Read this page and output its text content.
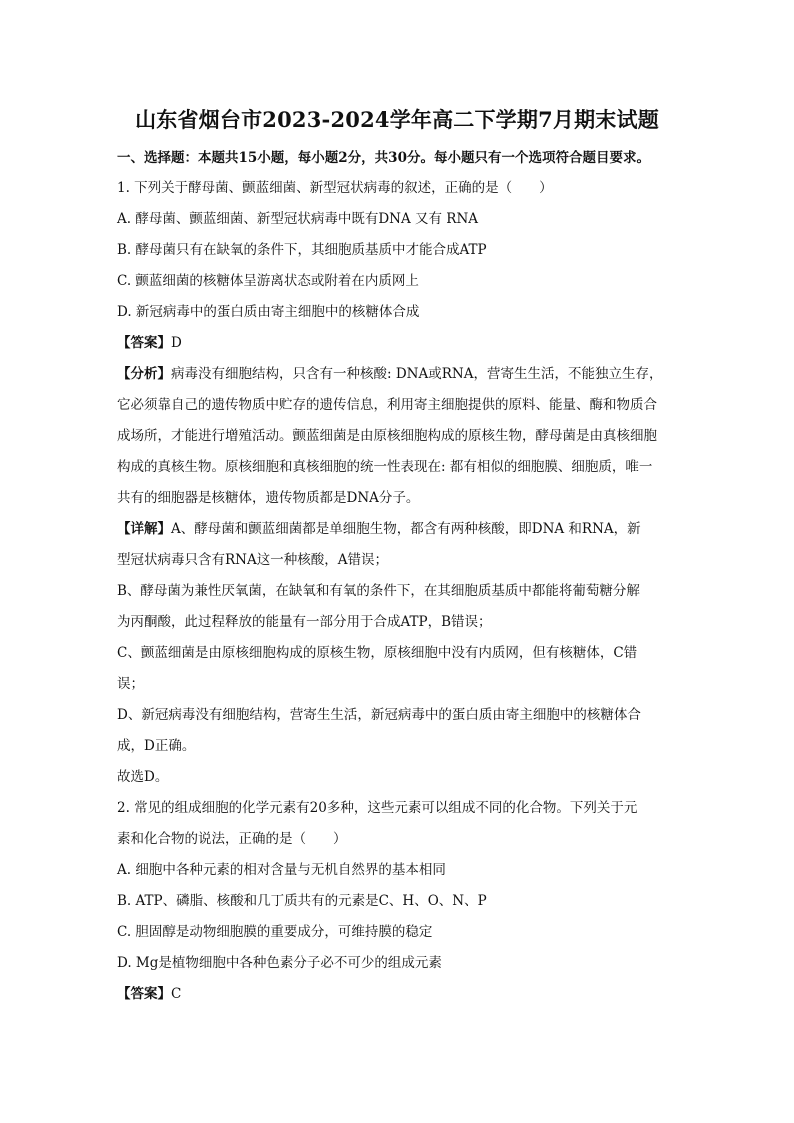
山东省烟台市2023-2024学年高二下学期7月期末试题
一、选择题：本题共15小题，每小题2分，共30分。每小题只有一个选项符合题目要求。
1. 下列关于酵母菌、颤蓝细菌、新型冠状病毒的叙述，正确的是（　　）
A. 酵母菌、颤蓝细菌、新型冠状病毒中既有DNA 又有 RNA
B. 酵母菌只有在缺氧的条件下，其细胞质基质中才能合成ATP
C. 颤蓝细菌的核糖体呈游离状态或附着在内质网上
D. 新冠病毒中的蛋白质由寄主细胞中的核糖体合成
【答案】D
【分析】病毒没有细胞结构，只含有一种核酸: DNA或RNA，营寄生生活，不能独立生存，
它必须靠自己的遗传物质中贮存的遗传信息，利用寄主细胞提供的原料、能量、酶和物质合
成场所，才能进行增殖活动。颤蓝细菌是由原核细胞构成的原核生物，酵母菌是由真核细胞
构成的真核生物。原核细胞和真核细胞的统一性表现在: 都有相似的细胞膜、细胞质，唯一
共有的细胞器是核糖体，遗传物质都是DNA分子。
【详解】A、酵母菌和颤蓝细菌都是单细胞生物，都含有两种核酸，即DNA 和RNA，新
型冠状病毒只含有RNA这一种核酸，A错误；
B、酵母菌为兼性厌氧菌，在缺氧和有氧的条件下，在其细胞质基质中都能将葡萄糖分解
为丙酮酸，此过程释放的能量有一部分用于合成ATP，B错误；
C、颤蓝细菌是由原核细胞构成的原核生物，原核细胞中没有内质网，但有核糖体，C错
误；
D、新冠病毒没有细胞结构，营寄生生活，新冠病毒中的蛋白质由寄主细胞中的核糖体合
成，D正确。
故选D。
2. 常见的组成细胞的化学元素有20多种，这些元素可以组成不同的化合物。下列关于元
素和化合物的说法，正确的是（　　）
A. 细胞中各种元素的相对含量与无机自然界的基本相同
B. ATP、磷脂、核酸和几丁质共有的元素是C、H、O、N、P
C. 胆固醇是动物细胞膜的重要成分，可维持膜的稳定
D. Mg是植物细胞中各种色素分子必不可少的组成元素
【答案】C
